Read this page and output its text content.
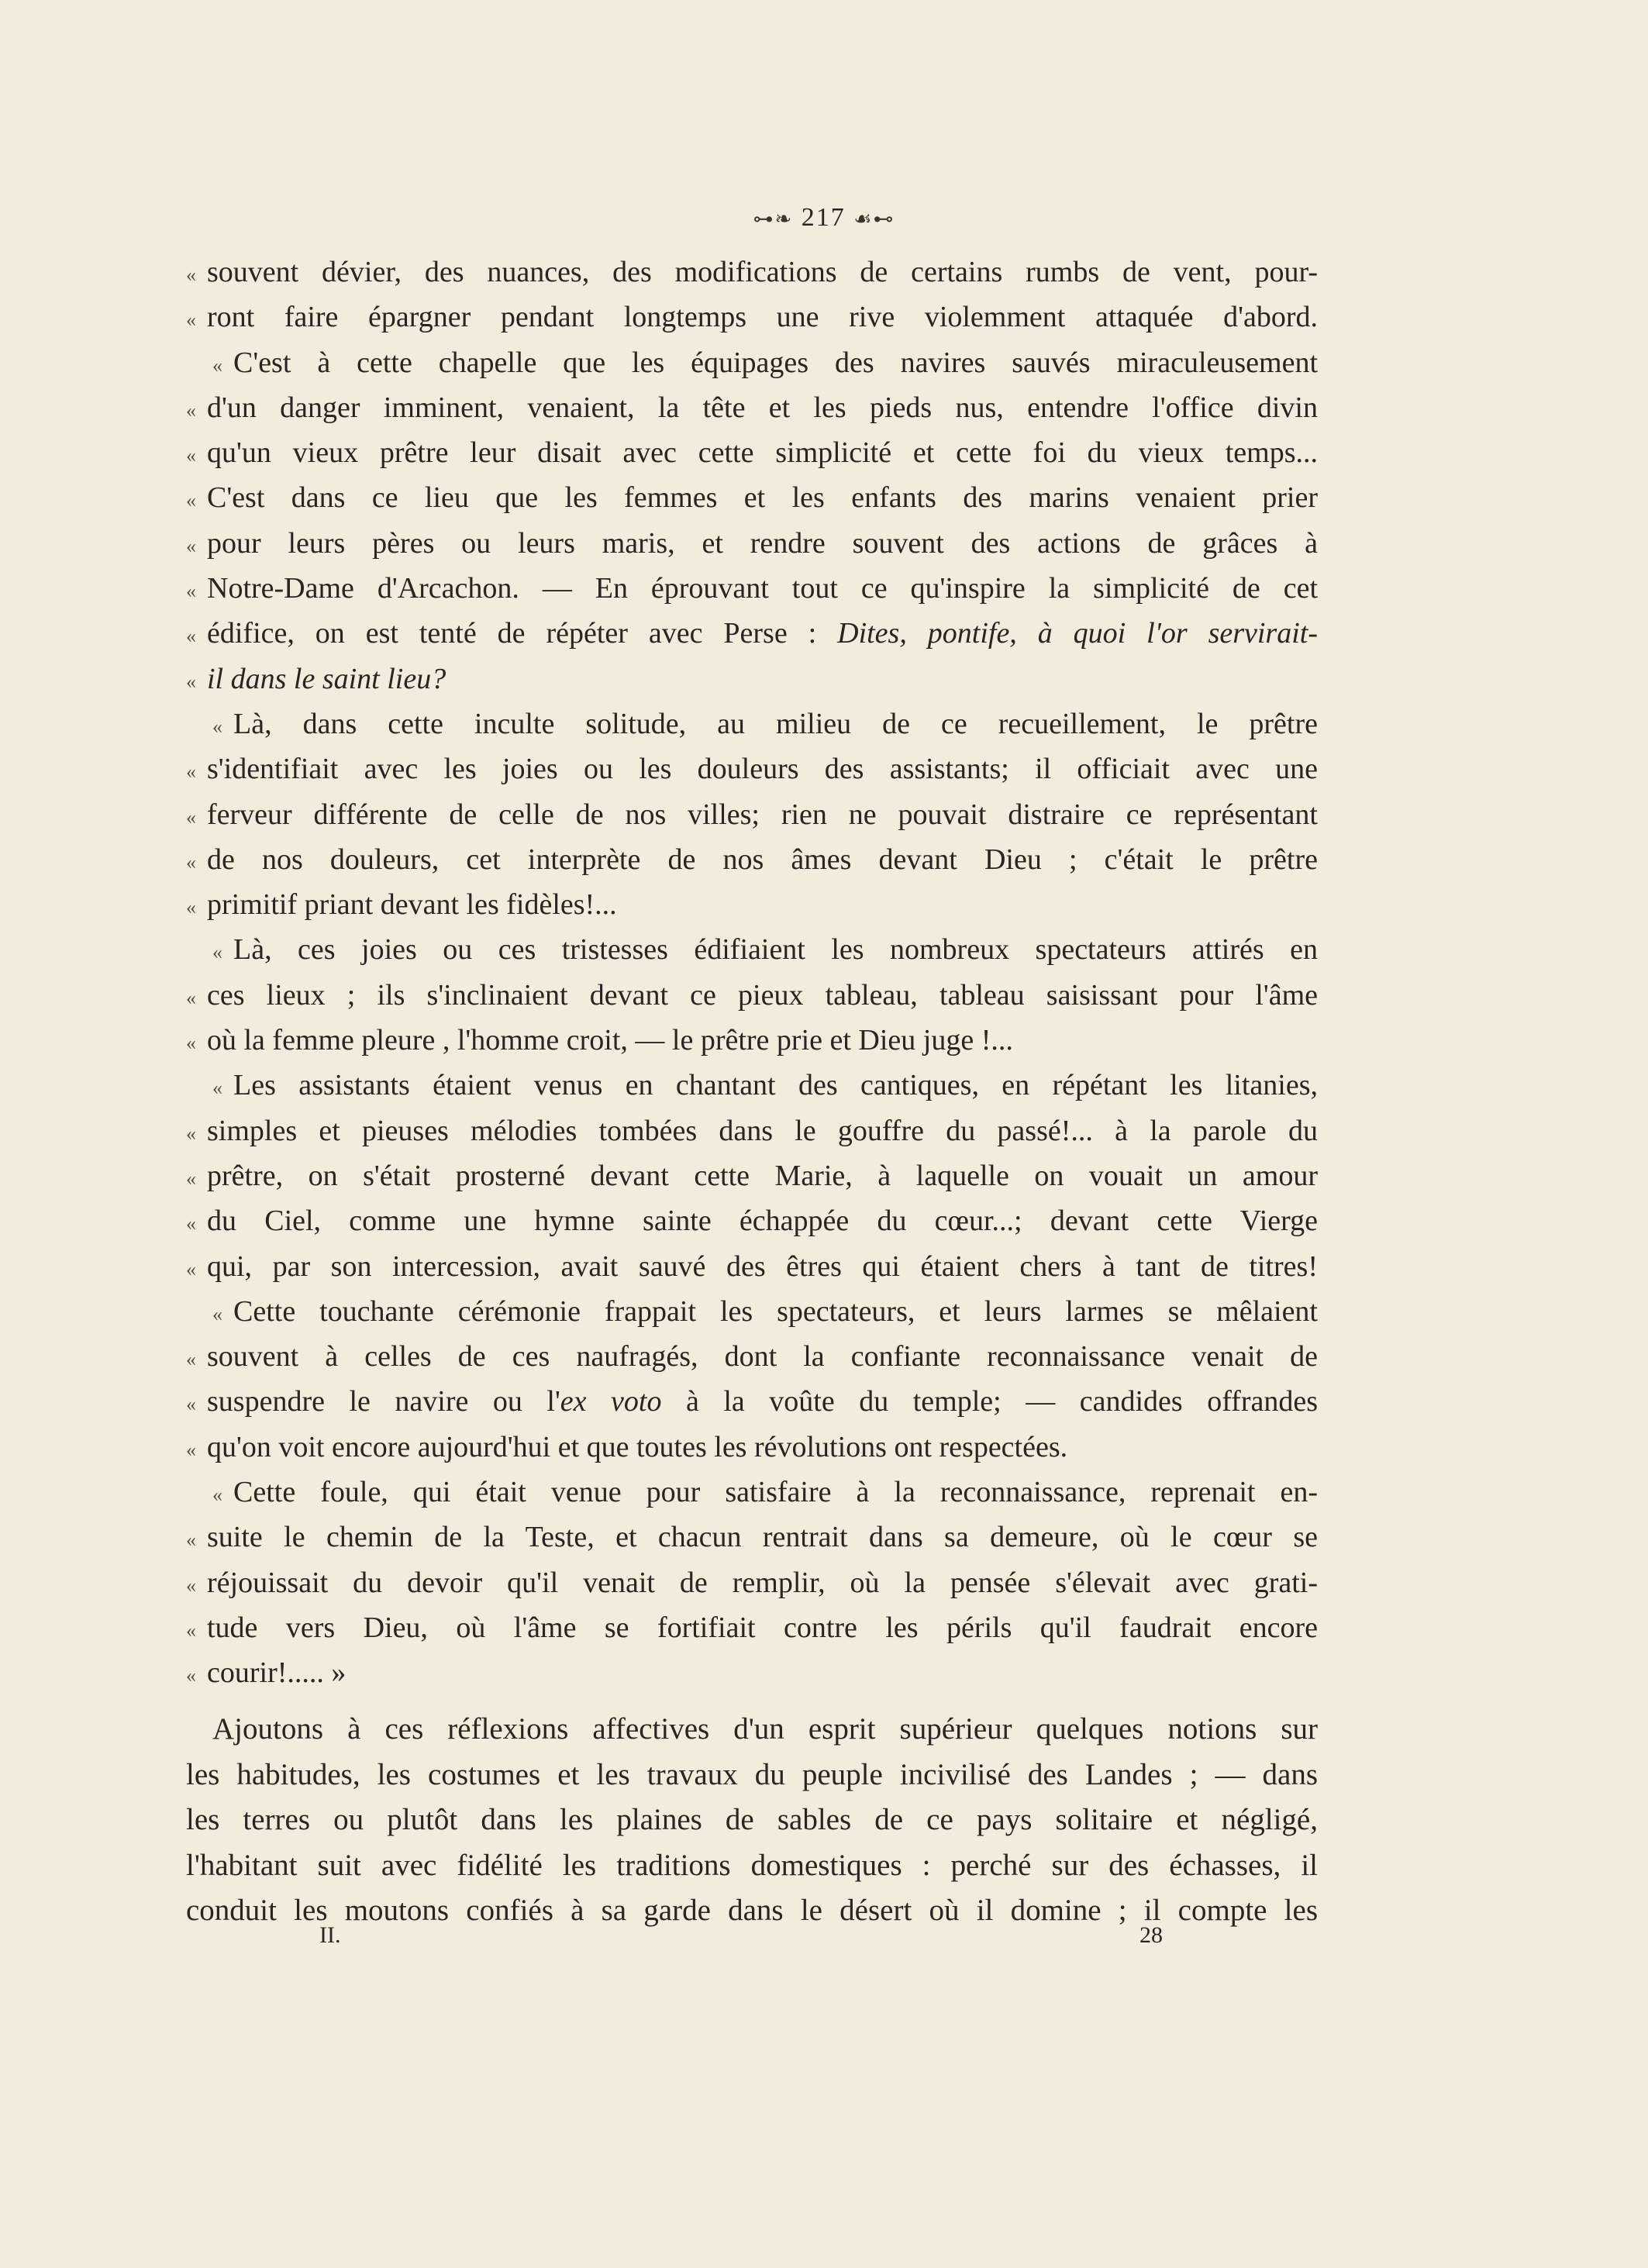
⊶❧ 217 ☙⊷
« souvent dévier, des nuances, des modifications de certains rumbs de vent, pour-
« ront faire épargner pendant longtemps une rive violemment attaquée d'abord.
« C'est à cette chapelle que les équipages des navires sauvés miraculeusement
« d'un danger imminent, venaient, la tête et les pieds nus, entendre l'office divin
« qu'un vieux prêtre leur disait avec cette simplicité et cette foi du vieux temps...
« C'est dans ce lieu que les femmes et les enfants des marins venaient prier
« pour leurs pères ou leurs maris, et rendre souvent des actions de grâces à
« Notre-Dame d'Arcachon. — En éprouvant tout ce qu'inspire la simplicité de cet
« édifice, on est tenté de répéter avec Perse : Dites, pontife, à quoi l'or servirait-
« il dans le saint lieu?
« Là, dans cette inculte solitude, au milieu de ce recueillement, le prêtre
« s'identifiait avec les joies ou les douleurs des assistants; il officiait avec une
« ferveur différente de celle de nos villes; rien ne pouvait distraire ce représentant
« de nos douleurs, cet interprète de nos âmes devant Dieu ; c'était le prêtre
« primitif priant devant les fidèles!...
« Là, ces joies ou ces tristesses édifiaient les nombreux spectateurs attirés en
« ces lieux ; ils s'inclinaient devant ce pieux tableau, tableau saisissant pour l'âme
« où la femme pleure , l'homme croit, — le prêtre prie et Dieu juge !...
« Les assistants étaient venus en chantant des cantiques, en répétant les litanies,
« simples et pieuses mélodies tombées dans le gouffre du passé!... à la parole du
« prêtre, on s'était prosterné devant cette Marie, à laquelle on vouait un amour
« du Ciel, comme une hymne sainte échappée du cœur...; devant cette Vierge
« qui, par son intercession, avait sauvé des êtres qui étaient chers à tant de titres!
« Cette touchante cérémonie frappait les spectateurs, et leurs larmes se mêlaient
« souvent à celles de ces naufragés, dont la confiante reconnaissance venait de
« suspendre le navire ou l'ex voto à la voûte du temple; — candides offrandes
« qu'on voit encore aujourd'hui et que toutes les révolutions ont respectées.
« Cette foule, qui était venue pour satisfaire à la reconnaissance, reprenait en-
« suite le chemin de la Teste, et chacun rentrait dans sa demeure, où le cœur se
« réjouissait du devoir qu'il venait de remplir, où la pensée s'élevait avec grati-
« tude vers Dieu, où l'âme se fortifiait contre les périls qu'il faudrait encore
« courir!..... »
Ajoutons à ces réflexions affectives d'un esprit supérieur quelques notions sur
les habitudes, les costumes et les travaux du peuple incivilisé des Landes ; — dans
les terres ou plutôt dans les plaines de sables de ce pays solitaire et négligé,
l'habitant suit avec fidélité les traditions domestiques : perché sur des échasses, il
conduit les moutons confiés à sa garde dans le désert où il domine ; il compte les
II.	28
